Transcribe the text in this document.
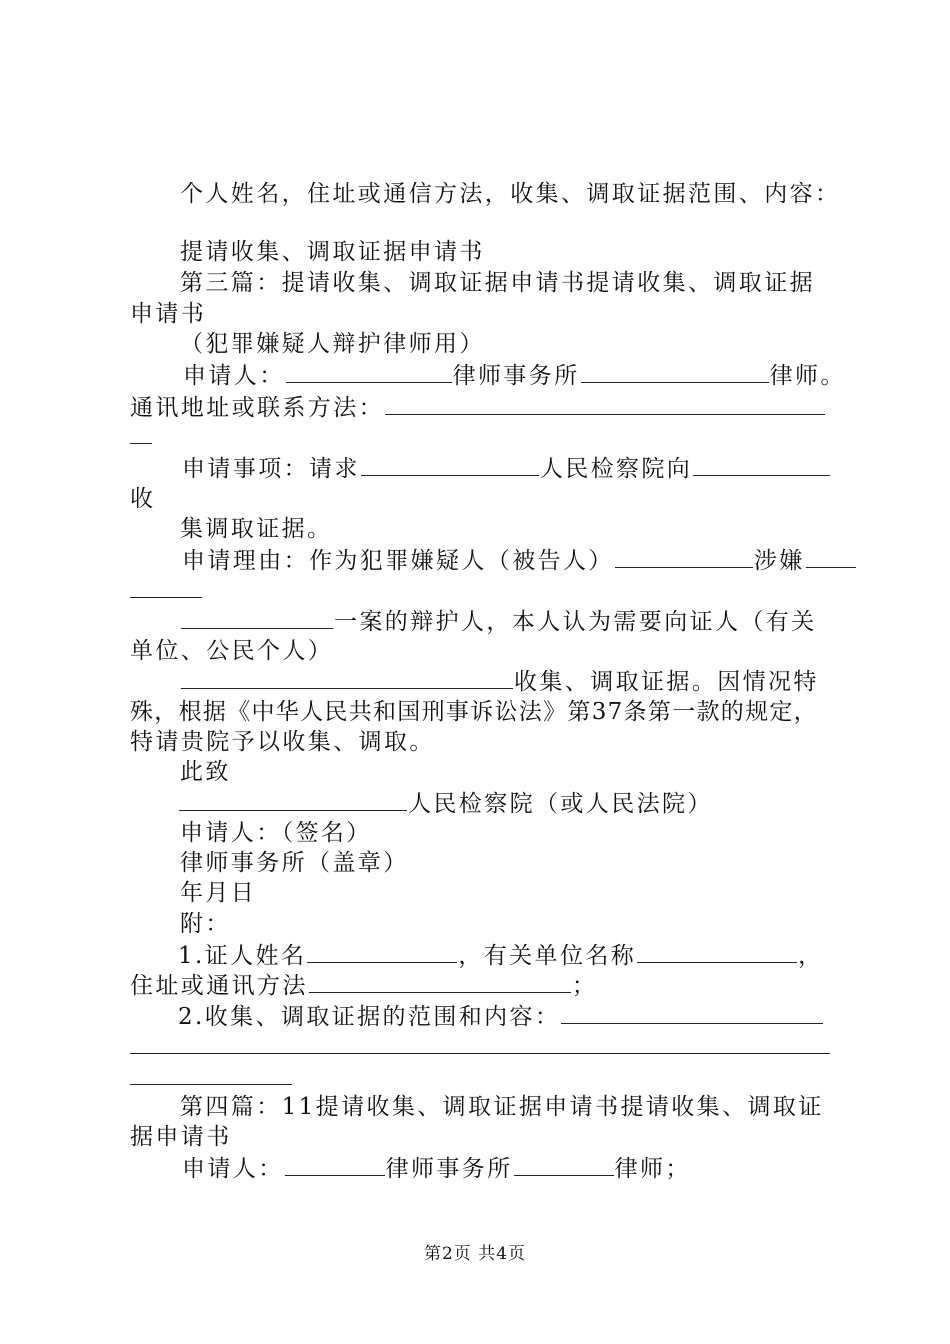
个人姓名，住址或通信方法，收集、调取证据范围、内容：
提请收集、调取证据申请书
第三篇：提请收集、调取证据申请书提请收集、调取证据
申请书
（犯罪嫌疑人辩护律师用）
申请人：	律师事务所	律师。
通讯地址或联系方法：
申请事项：请求	人民检察院向
收
集调取证据。
申请理由：作为犯罪嫌疑人（被告人）	涉嫌
一案的辩护人，本人认为需要向证人（有关
单位、公民个人）
收集、调取证据。因情况特
殊，根据《中华人民共和国刑事诉讼法》第37条第一款的规定，
特请贵院予以收集、调取。
此致
人民检察院（或人民法院）
申请人：（签名）
律师事务所（盖章）
年月日
附：
1.证人姓名	，有关单位名称	，
住址或通讯方法	；
2.收集、调取证据的范围和内容：
第四篇：11提请收集、调取证据申请书提请收集、调取证
据申请书
申请人：	律师事务所	律师；
第2页 共4页
